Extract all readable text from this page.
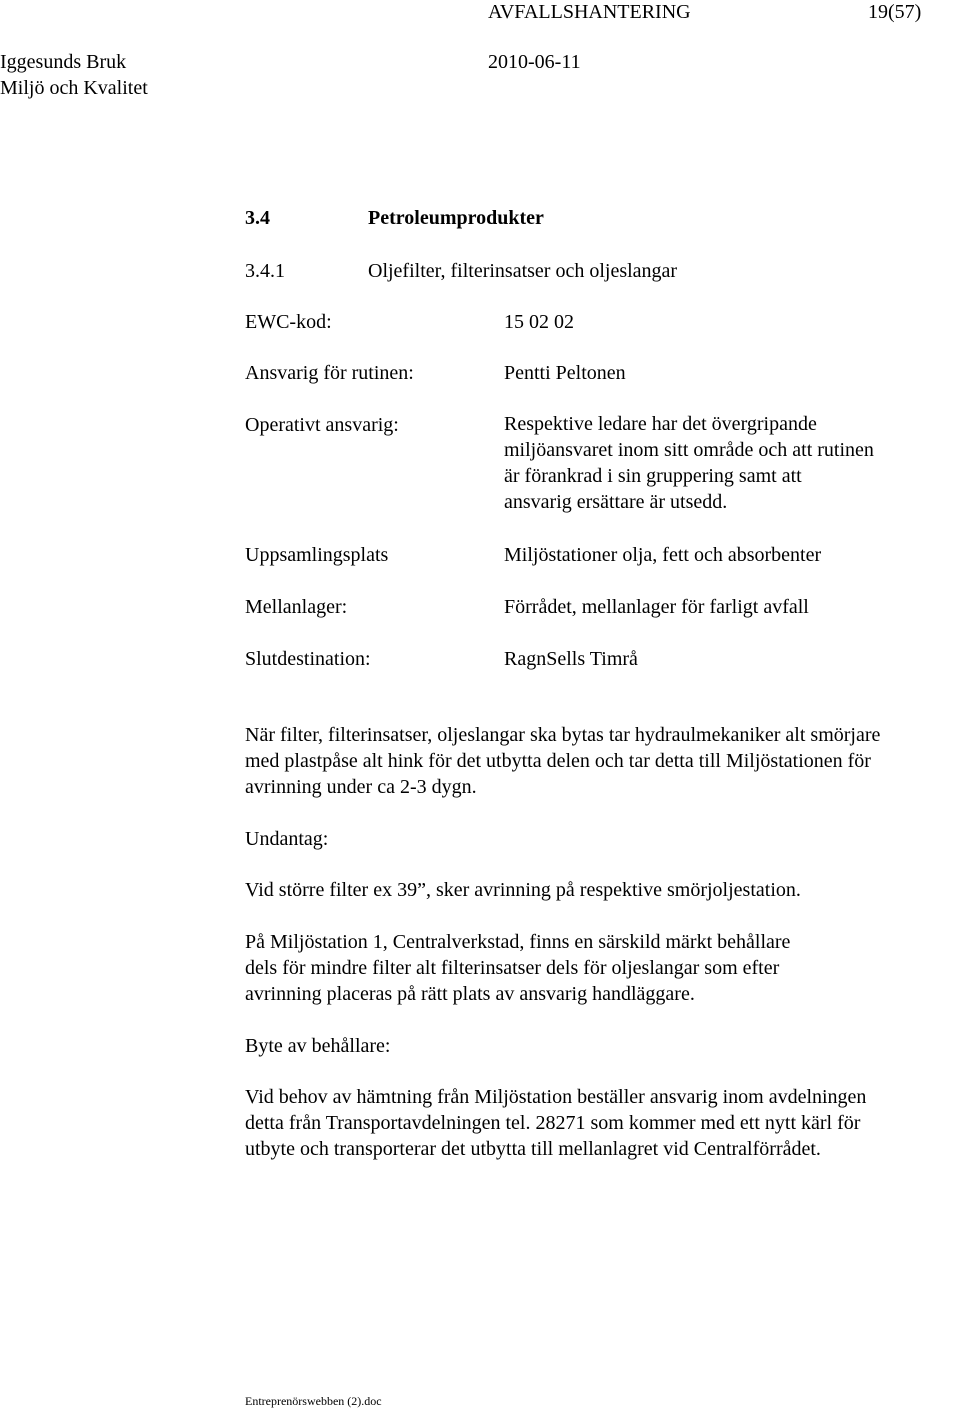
AVFALLSHANTERING	19(57)

Iggesunds Bruk	2010-06-11

Miljö och Kvalitet

3.4	Petroleumprodukter

3.4.1	Oljefilter, filterinsatser och oljeslangar

EWC-kod:	15 02 02

Ansvarig för rutinen:	Pentti Peltonen

Operativt ansvarig:	Respektive ledare har det övergripande
miljöansvaret inom sitt område och att rutinen
är förankrad i sin gruppering samt att
ansvarig ersättare är utsedd.

Uppsamlingsplats	Miljöstationer olja, fett och absorbenter

Mellanlager:	Förrådet, mellanlager för farligt avfall

Slutdestination:	RagnSells Timrå

När filter, filterinsatser, oljeslangar ska bytas tar hydraulmekaniker alt smörjare
med plastpåse alt hink för det utbytta delen och tar detta till Miljöstationen för
avrinning under ca 2-3 dygn.

Undantag:

Vid större filter ex 39”, sker avrinning på respektive smörjoljestation.

På Miljöstation 1, Centralverkstad, finns en särskild märkt behållare
dels för mindre filter alt filterinsatser dels för oljeslangar som efter
avrinning placeras på rätt plats av ansvarig handläggare.

Byte av behållare:

Vid behov av hämtning från Miljöstation beställer ansvarig inom avdelningen
detta från Transportavdelningen tel. 28271 som kommer med ett nytt kärl för
utbyte och transporterar det utbytta till mellanlagret vid Centralförrådet.

Entreprenörswebben (2).doc
